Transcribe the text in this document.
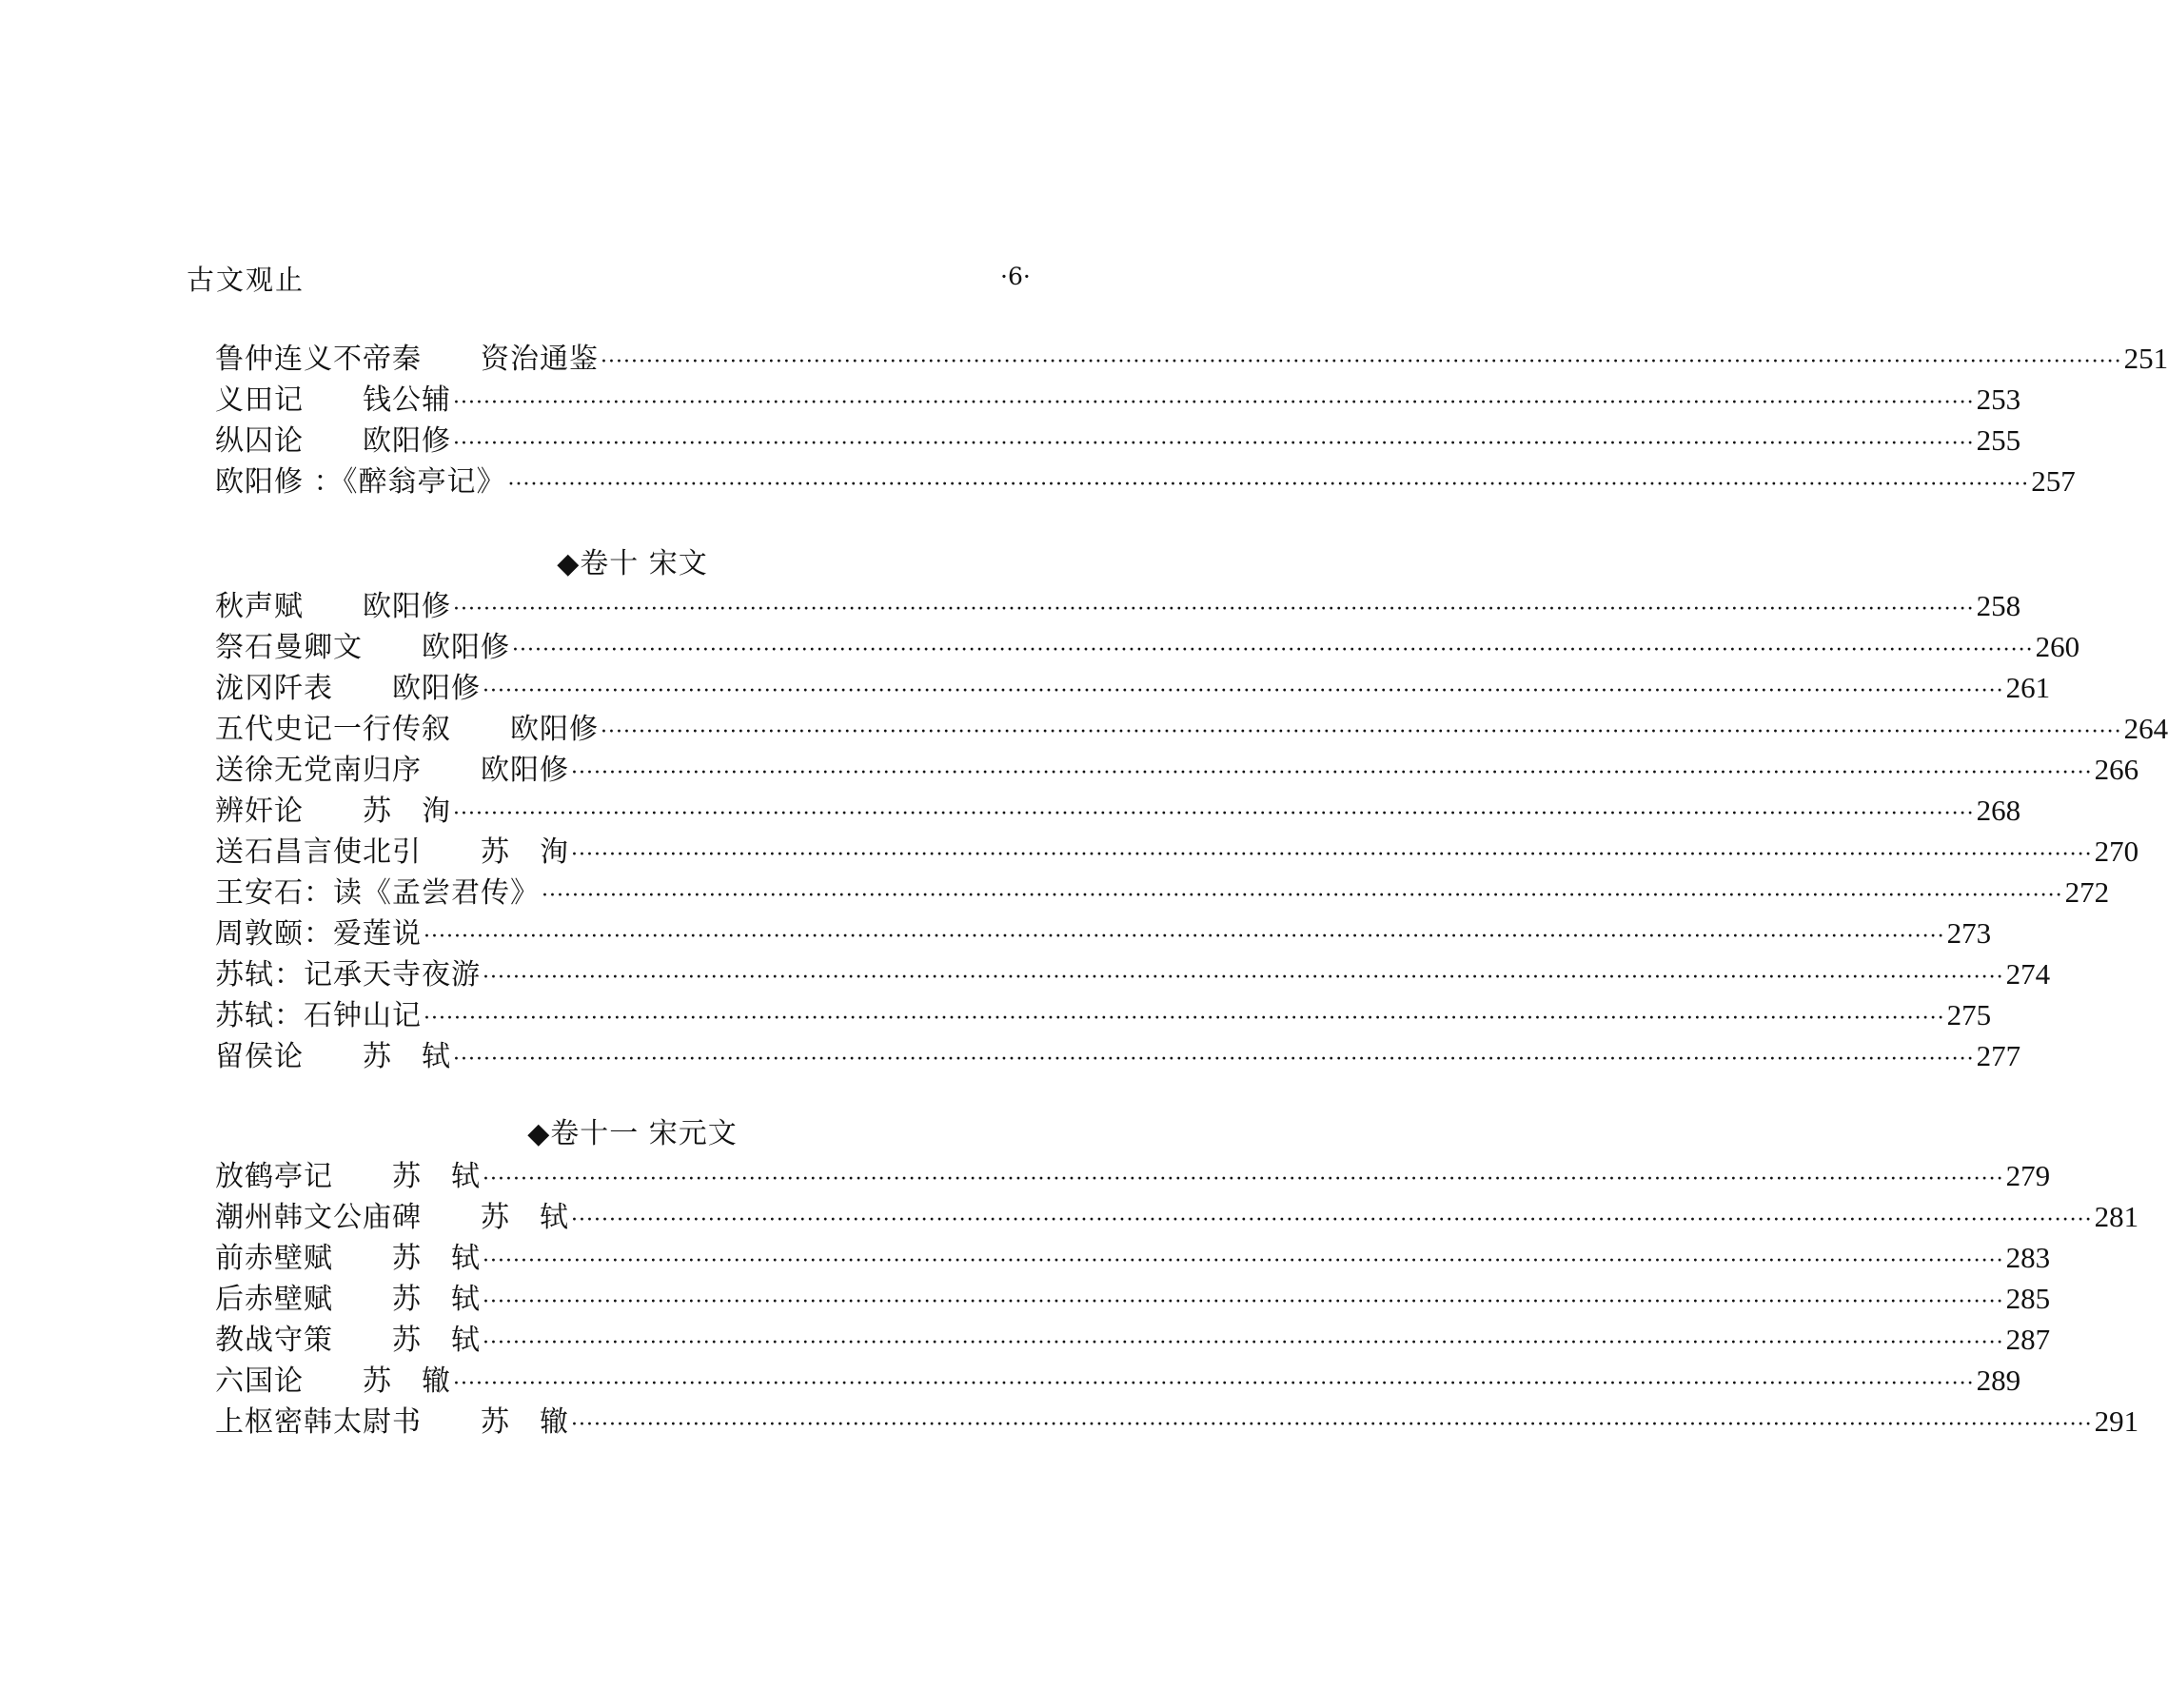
古文观止	·6·
鲁仲连义不帝秦　　资治通鉴 ········································································································································································································ 251
义田记　　钱公辅 ········································································································································································································ 253
纵囚论　　欧阳修 ········································································································································································································ 255
欧阳修 ：《醉翁亭记》 ········································································································································································································ 257
◆卷十 宋文
秋声赋　　欧阳修 ········································································································································································································ 258
祭石曼卿文　　欧阳修 ········································································································································································································ 260
泷冈阡表　　欧阳修 ········································································································································································································ 261
五代史记一行传叙　　欧阳修 ········································································································································································································ 264
送徐无党南归序　　欧阳修 ········································································································································································································ 266
辨奸论　　苏　洵 ········································································································································································································ 268
送石昌言使北引　　苏　洵 ········································································································································································································ 270
王安石：读《孟尝君传》 ········································································································································································································ 272
周敦颐：爱莲说 ········································································································································································································ 273
苏轼：记承天寺夜游 ········································································································································································································ 274
苏轼：石钟山记 ········································································································································································································ 275
留侯论　　苏　轼 ········································································································································································································ 277
◆卷十一 宋元文
放鹤亭记　　苏　轼 ········································································································································································································ 279
潮州韩文公庙碑　　苏　轼 ········································································································································································································ 281
前赤壁赋　　苏　轼 ········································································································································································································ 283
后赤壁赋　　苏　轼 ········································································································································································································ 285
教战守策　　苏　轼 ········································································································································································································ 287
六国论　　苏　辙 ········································································································································································································ 289
上枢密韩太尉书　　苏　辙 ········································································································································································································ 291
